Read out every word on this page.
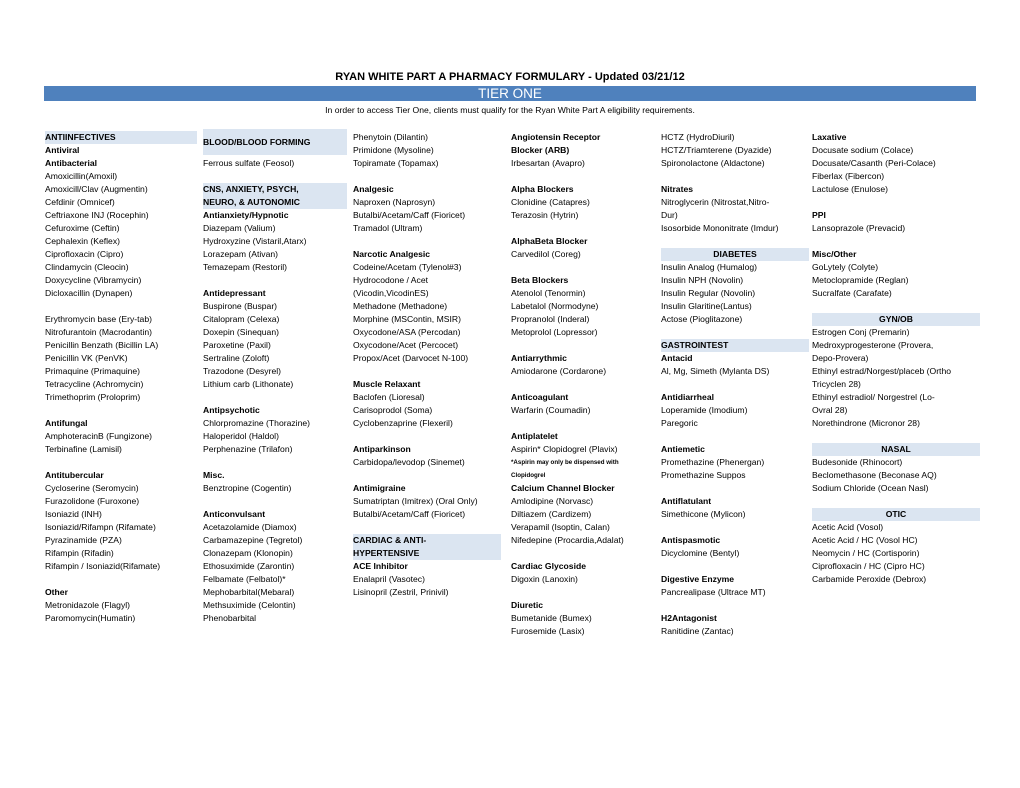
RYAN WHITE PART A PHARMACY FORMULARY - Updated 03/21/12
TIER ONE
In order to access Tier One, clients must qualify for the Ryan White Part A eligibility requirements.
ANTIINFECTIVES
Antiviral
Antibacterial
Amoxicillin(Amoxil)
Amoxicill/Clav (Augmentin)
Cefdinir (Omnicef)
Ceftriaxone INJ (Rocephin)
Cefuroxime (Ceftin)
Cephalexin (Keflex)
Ciprofloxacin (Cipro)
Clindamycin (Cleocin)
Doxycycline (Vibramycin)
Dicloxacillin (Dynapen)
Erythromycin base (Ery-tab)
Nitrofurantoin (Macrodantin)
Penicillin Benzath (Bicillin LA)
Penicillin VK (PenVK)
Primaquine (Primaquine)
Tetracycline (Achromycin)
Trimethoprim (Proloprim)
Antifungal
AmphoteracinB (Fungizone)
Terbinafine (Lamisil)
Antitubercular
Cycloserine (Seromycin)
Furazolidone (Furoxone)
Isoniazid (INH)
Isoniazid/Rifampn (Rifamate)
Pyrazinamide (PZA)
Rifampin (Rifadin)
Rifampin / Isoniazid(Rifamate)
Other
Metronidazole (Flagyl)
Paromomycin(Humatin)
BLOOD/BLOOD FORMING
Ferrous sulfate (Feosol)
CNS, ANXIETY, PSYCH,
NEURO, & AUTONOMIC
Antianxiety/Hypnotic
Diazepam (Valium)
Hydroxyzine (Vistaril,Atarx)
Lorazepam (Ativan)
Temazepam (Restoril)
Antidepressant
Buspirone (Buspar)
Citalopram (Celexa)
Doxepin (Sinequan)
Paroxetine (Paxil)
Sertraline (Zoloft)
Trazodone (Desyrel)
Lithium carb (Lithonate)
Antipsychotic
Chlorpromazine (Thorazine)
Haloperidol (Haldol)
Perphenazine (Trilafon)
Misc.
Benztropine (Cogentin)
Anticonvulsant
Acetazolamide (Diamox)
Carbamazepine (Tegretol)
Clonazepam (Klonopin)
Ethosuximide (Zarontin)
Felbamate (Felbatol)*
Mephobarbital(Mebaral)
Methsuximide (Celontin)
Phenobarbital
Phenytoin (Dilantin)
Primidone (Mysoline)
Topiramate (Topamax)
Analgesic
Naproxen (Naprosyn)
Butalbi/Acetam/Caff (Fioricet)
Tramadol (Ultram)
Narcotic Analgesic
Codeine/Acetam (Tylenol#3)
Hydrocodone / Acet
(Vicodin,VicodinES)
Methadone (Methadone)
Morphine (MSContin, MSIR)
Oxycodone/ASA (Percodan)
Oxycodone/Acet (Percocet)
Propox/Acet (Darvocet N-100)
Muscle Relaxant
Baclofen (Lioresal)
Carisoprodol (Soma)
Cyclobenzaprine (Flexeril)
Antiparkinson
Carbidopa/levodop (Sinemet)
Antimigraine
Sumatriptan (Imitrex) (Oral Only)
Butalbi/Acetam/Caff (Fioricet)
CARDIAC & ANTI-
HYPERTENSIVE
ACE Inhibitor
Enalapril (Vasotec)
Lisinopril (Zestril, Prinivil)
Angiotensin Receptor
Blocker (ARB)
Irbesartan (Avapro)
Alpha Blockers
Clonidine (Catapres)
Terazosin (Hytrin)
AlphaBeta Blocker
Carvedilol (Coreg)
Beta Blockers
Atenolol (Tenormin)
Labetalol (Normodyne)
Propranolol (Inderal)
Metoprolol (Lopressor)
Antiarrythmic
Amiodarone (Cordarone)
Anticoagulant
Warfarin (Coumadin)
Antiplatelet
Aspirin* Clopidogrel (Plavix)
*Aspirin may only be dispensed with
Clopidogrel
Calcium Channel Blocker
Amlodipine (Norvasc)
Diltiazem (Cardizem)
Verapamil (Isoptin, Calan)
Nifedepine (Procardia,Adalat)
Cardiac Glycoside
Digoxin (Lanoxin)
Diuretic
Bumetanide (Bumex)
Furosemide (Lasix)
HCTZ (HydroDiuril)
HCTZ/Triamterene (Dyazide)
Spironolactone (Aldactone)
Nitrates
Nitroglycerin (Nitrostat,Nitro-
Dur)
Isosorbide Mononitrate (Imdur)
DIABETES
Insulin Analog (Humalog)
Insulin NPH (Novolin)
Insulin Regular (Novolin)
Insulin Glaritine(Lantus)
Actose (Pioglitazone)
GASTROINTEST
Antacid
Al, Mg, Simeth (Mylanta DS)
Antidiarrheal
Loperamide (Imodium)
Paregoric
Antiemetic
Promethazine (Phenergan)
Promethazine Suppos
Antiflatulant
Simethicone (Mylicon)
Antispasmotic
Dicyclomine (Bentyl)
Digestive Enzyme
Pancrealipase (Ultrace MT)
H2Antagonist
Ranitidine (Zantac)
Laxative
Docusate sodium (Colace)
Docusate/Casanth (Peri-Colace)
Fiberlax (Fibercon)
Lactulose (Enulose)
PPI
Lansoprazole (Prevacid)
Misc/Other
GoLytely (Colyte)
Metoclopramide (Reglan)
Sucralfate (Carafate)
GYN/OB
Estrogen Conj (Premarin)
Medroxyprogesterone (Provera,
Depo-Provera)
Ethinyl estrad/Norgest/placeb (Ortho
Tricyclen 28)
Ethinyl estradiol/ Norgestrel (Lo-
Ovral 28)
Norethindrone (Micronor 28)
NASAL
Budesonide (Rhinocort)
Beclomethasone (Beconase AQ)
Sodium Chloride (Ocean Nasl)
OTIC
Acetic Acid (Vosol)
Acetic Acid / HC (Vosol HC)
Neomycin / HC (Cortisporin)
Ciprofloxacin / HC (Cipro HC)
Carbamide Peroxide (Debrox)
